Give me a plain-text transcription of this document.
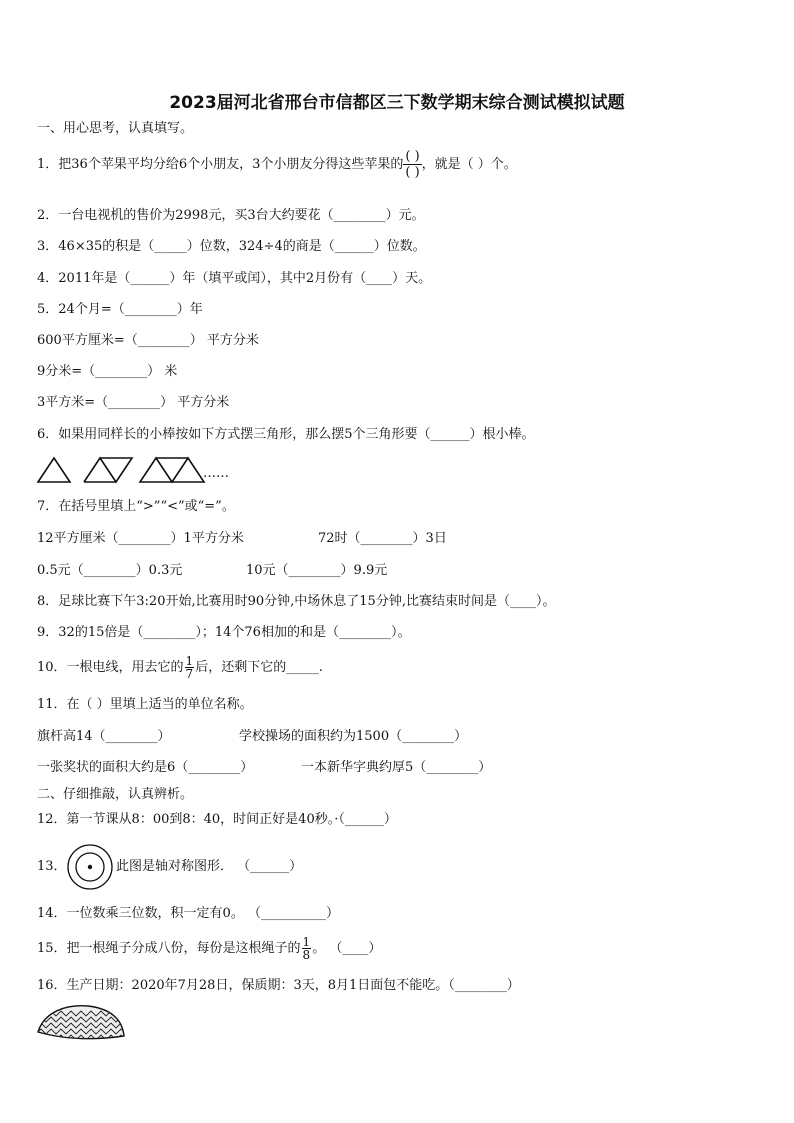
2023届河北省邢台市信都区三下数学期末综合测试模拟试题
一、用心思考，认真填写。
1．把36个苹果平均分给6个小朋友，3个小朋友分得这些苹果的
( )
( )
，就是（ ）个。
2．一台电视机的售价为2998元，买3台大约要花（________）元。
3．46×35的积是（_____）位数，324÷4的商是（______）位数。
4．2011年是（______）年（填平或闰），其中2月份有（____）天。
5．24个月=（________）年
600平方厘米=（________） 平方分米
9分米=（________） 米
3平方米=（________） 平方分米
6．如果用同样长的小棒按如下方式摆三角形，那么摆5个三角形要（______）根小棒。
……
7．在括号里填上“>”“<”或“=”。
12平方厘米（________）1平方分米	72时（________）3日
0.5元（________）0.3元	10元（________）9.9元
8．足球比赛下午3:20开始,比赛用时90分钟,中场休息了15分钟,比赛结束时间是（____）。
9．32的15倍是（________）；14个76相加的和是（________）。
10．一根电线，用去它的 $\frac{1}{7}$ 后，还剩下它的_____.
11．在（ ）里填上适当的单位名称。
旗杆高14（________）	学校操场的面积约为1500（________）
一张奖状的面积大约是6（________）	一本新华字典约厚5（________）
二、仔细推敲，认真辨析。
12．第一节课从8：00到8：40，时间正好是40秒。·（______）
13．	此图是轴对称图形． （______）
14．一位数乘三位数，积一定有0。 （__________）
15．把一根绳子分成八份，每份是这根绳子的 $\frac{1}{8}$ 。 （____）
16．生产日期：2020年7月28日，保质期：3天，8月1日面包不能吃。（________）
